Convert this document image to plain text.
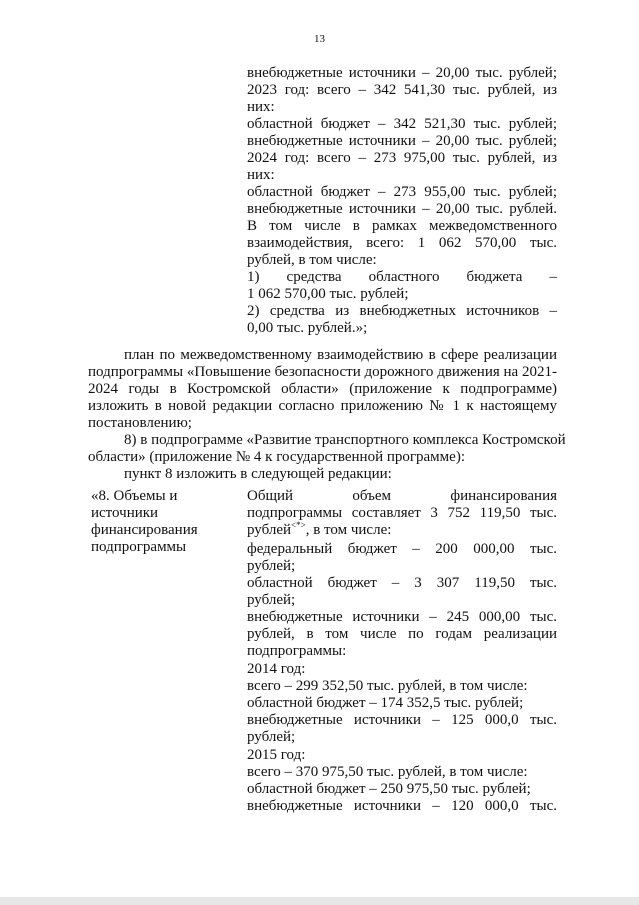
13
внебюджетные источники – 20,00 тыс. рублей;
2023 год: всего – 342 541,30 тыс. рублей, из
них:
областной бюджет – 342 521,30 тыс. рублей;
внебюджетные источники – 20,00 тыс. рублей;
2024 год: всего – 273 975,00 тыс. рублей, из
них:
областной бюджет – 273 955,00 тыс. рублей;
внебюджетные источники – 20,00 тыс. рублей.
В том числе в рамках межведомственного
взаимодействия, всего: 1 062 570,00 тыс.
рублей, в том числе:
1) средства областного бюджета –
1 062 570,00 тыс. рублей;
2) средства из внебюджетных источников –
0,00 тыс. рублей.»;
план по межведомственному взаимодействию в сфере реализации
подпрограммы «Повышение безопасности дорожного движения на 2021-
2024 годы в Костромской области» (приложение к подпрограмме)
изложить в новой редакции согласно приложению № 1 к настоящему
постановлению;
8) в подпрограмме «Развитие транспортного комплекса Костромской
области» (приложение № 4 к государственной программе):
пункт 8 изложить в следующей редакции:
«8. Объемы и
источники
финансирования
подпрограммы
Общий объем финансирования
подпрограммы составляет 3 752 119,50 тыс.
рублей<*>, в том числе:
федеральный бюджет – 200 000,00 тыс.
рублей;
областной бюджет – 3 307 119,50 тыс.
рублей;
внебюджетные источники – 245 000,00 тыс.
рублей, в том числе по годам реализации
подпрограммы:
2014 год:
всего – 299 352,50 тыс. рублей, в том числе:
областной бюджет – 174 352,5 тыс. рублей;
внебюджетные источники – 125 000,0 тыс.
рублей;
2015 год:
всего – 370 975,50 тыс. рублей, в том числе:
областной бюджет – 250 975,50 тыс. рублей;
внебюджетные источники – 120 000,0 тыс.
